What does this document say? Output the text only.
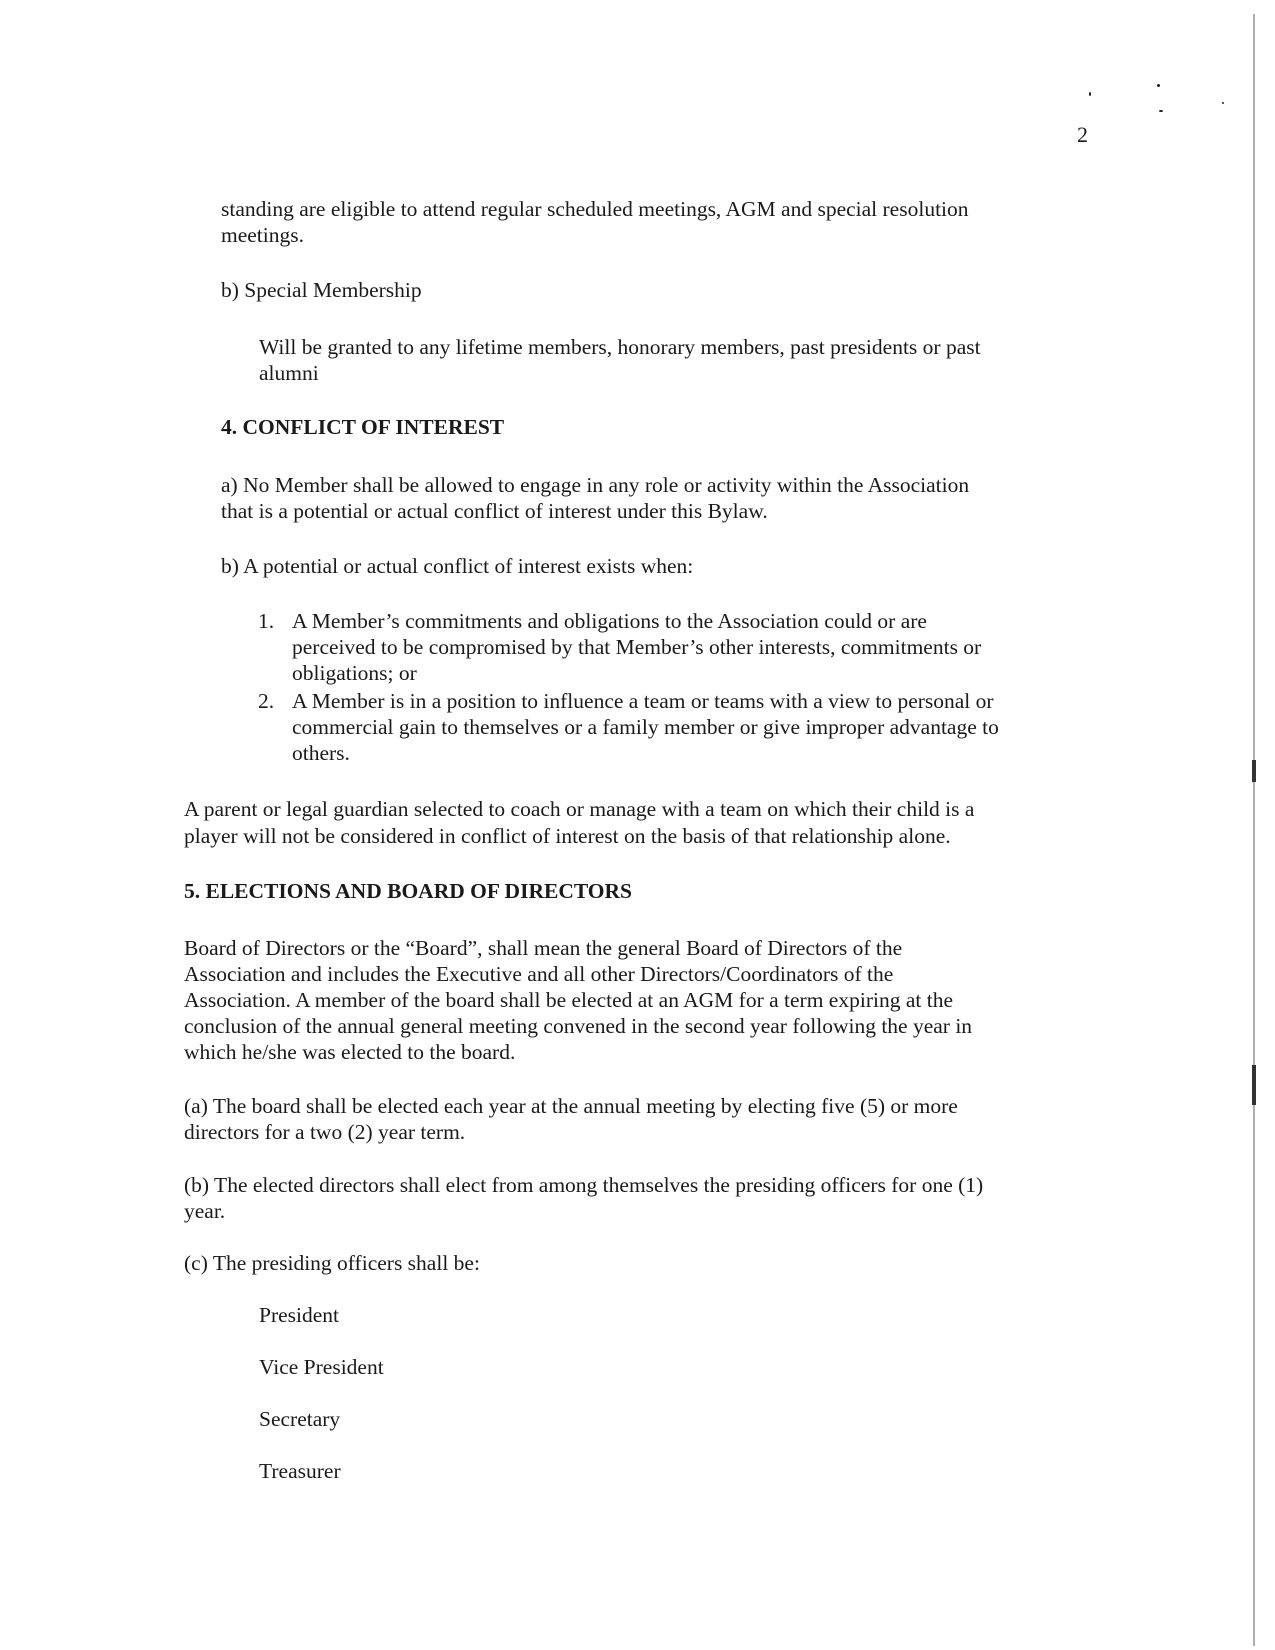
2
standing are eligible to attend regular scheduled meetings, AGM and special resolution
meetings.
b) Special Membership
Will be granted to any lifetime members, honorary members, past presidents or past
alumni
4. CONFLICT OF INTEREST
a) No Member shall be allowed to engage in any role or activity within the Association
that is a potential or actual conflict of interest under this Bylaw.
b) A potential or actual conflict of interest exists when:
1. A Member’s commitments and obligations to the Association could or are
perceived to be compromised by that Member’s other interests, commitments or
obligations; or
2. A Member is in a position to influence a team or teams with a view to personal or
commercial gain to themselves or a family member or give improper advantage to
others.
A parent or legal guardian selected to coach or manage with a team on which their child is a
player will not be considered in conflict of interest on the basis of that relationship alone.
5. ELECTIONS AND BOARD OF DIRECTORS
Board of Directors or the “Board”, shall mean the general Board of Directors of the
Association and includes the Executive and all other Directors/Coordinators of the
Association. A member of the board shall be elected at an AGM for a term expiring at the
conclusion of the annual general meeting convened in the second year following the year in
which he/she was elected to the board.
(a) The board shall be elected each year at the annual meeting by electing five (5) or more
directors for a two (2) year term.
(b) The elected directors shall elect from among themselves the presiding officers for one (1)
year.
(c) The presiding officers shall be:
President
Vice President
Secretary
Treasurer
